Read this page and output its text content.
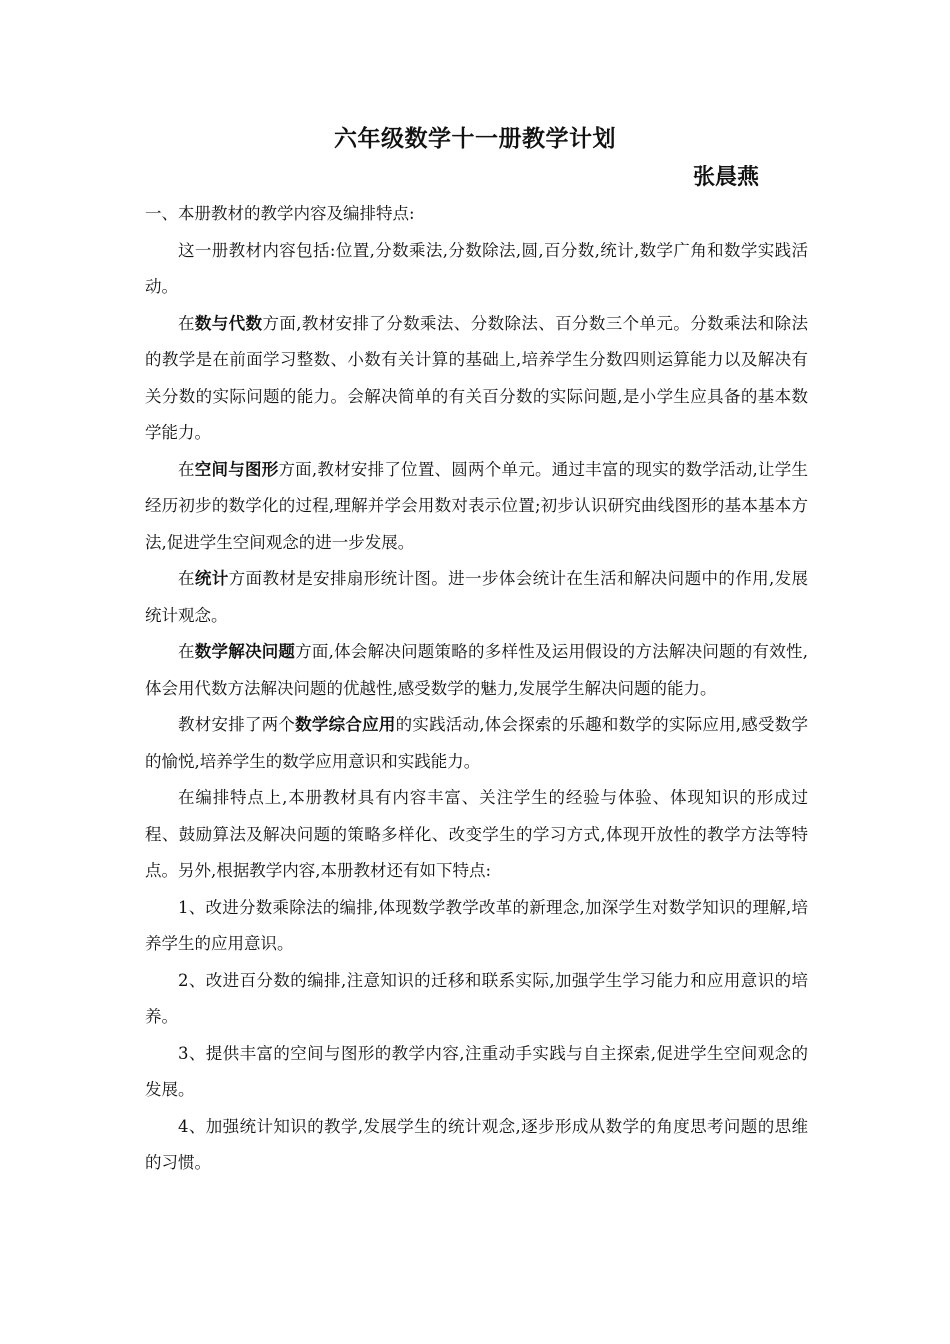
六年级数学十一册教学计划
张晨燕

一、本册教材的教学内容及编排特点:

这一册教材内容包括:位置,分数乘法,分数除法,圆,百分数,统计,数学广角和数学实践活动。

在数与代数方面,教材安排了分数乘法、分数除法、百分数三个单元。分数乘法和除法的教学是在前面学习整数、小数有关计算的基础上,培养学生分数四则运算能力以及解决有关分数的实际问题的能力。会解决简单的有关百分数的实际问题,是小学生应具备的基本数学能力。

在空间与图形方面,教材安排了位置、圆两个单元。通过丰富的现实的数学活动,让学生经历初步的数学化的过程,理解并学会用数对表示位置;初步认识研究曲线图形的基本基本方法,促进学生空间观念的进一步发展。

在统计方面教材是安排扇形统计图。进一步体会统计在生活和解决问题中的作用,发展统计观念。

在数学解决问题方面,体会解决问题策略的多样性及运用假设的方法解决问题的有效性,体会用代数方法解决问题的优越性,感受数学的魅力,发展学生解决问题的能力。

教材安排了两个数学综合应用的实践活动,体会探索的乐趣和数学的实际应用,感受数学的愉悦,培养学生的数学应用意识和实践能力。

在编排特点上,本册教材具有内容丰富、关注学生的经验与体验、体现知识的形成过程、鼓励算法及解决问题的策略多样化、改变学生的学习方式,体现开放性的教学方法等特点。另外,根据教学内容,本册教材还有如下特点:

1、改进分数乘除法的编排,体现数学教学改革的新理念,加深学生对数学知识的理解,培养学生的应用意识。

2、改进百分数的编排,注意知识的迁移和联系实际,加强学生学习能力和应用意识的培养。

3、提供丰富的空间与图形的教学内容,注重动手实践与自主探索,促进学生空间观念的发展。

4、加强统计知识的教学,发展学生的统计观念,逐步形成从数学的角度思考问题的思维的习惯。
